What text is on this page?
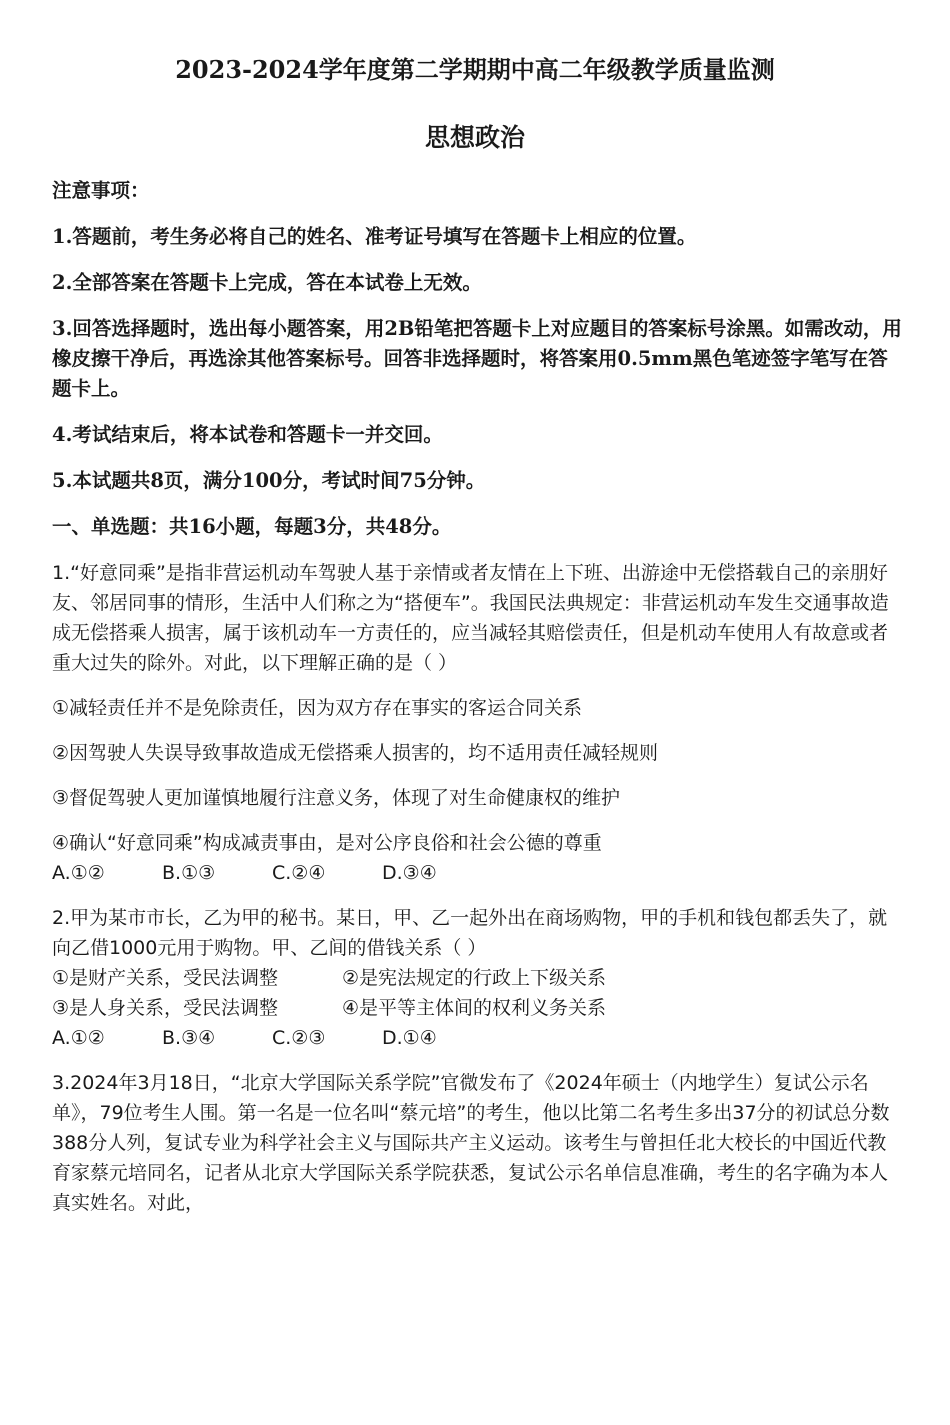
2023-2024学年度第二学期期中高二年级教学质量监测
思想政治

注意事项：

1.答题前，考生务必将自己的姓名、准考证号填写在答题卡上相应的位置。

2.全部答案在答题卡上完成，答在本试卷上无效。

3.回答选择题时，选出每小题答案，用2B铅笔把答题卡上对应题目的答案标号涂黑。如需改动，用橡皮擦干净后，再选涂其他答案标号。回答非选择题时，将答案用0.5mm黑色笔迹签字笔写在答题卡上。

4.考试结束后，将本试卷和答题卡一并交回。

5.本试题共8页，满分100分，考试时间75分钟。

一、单选题：共16小题，每题3分，共48分。

1.“好意同乘”是指非营运机动车驾驶人基于亲情或者友情在上下班、出游途中无偿搭载自己的亲朋好友、邻居同事的情形，生活中人们称之为“搭便车”。我国民法典规定：非营运机动车发生交通事故造成无偿搭乘人损害，属于该机动车一方责任的，应当减轻其赔偿责任，但是机动车使用人有故意或者重大过失的除外。对此，以下理解正确的是（ ）

①减轻责任并不是免除责任，因为双方存在事实的客运合同关系

②因驾驶人失误导致事故造成无偿搭乘人损害的，均不适用责任减轻规则

③督促驾驶人更加谨慎地履行注意义务，体现了对生命健康权的维护

④确认“好意同乘”构成减责事由，是对公序良俗和社会公德的尊重

A.①②	B.①③	C.②④	D.③④

2.甲为某市市长，乙为甲的秘书。某日，甲、乙一起外出在商场购物，甲的手机和钱包都丢失了，就向乙借1000元用于购物。甲、乙间的借钱关系（ ）

①是财产关系，受民法调整	②是宪法规定的行政上下级关系
③是人身关系，受民法调整	④是平等主体间的权利义务关系
A.①②	B.③④	C.②③	D.①④

3.2024年3月18日，“北京大学国际关系学院”官微发布了《2024年硕士（内地学生）复试公示名单》，79位考生人围。第一名是一位名叫“蔡元培”的考生，他以比第二名考生多出37分的初试总分数388分人列，复试专业为科学社会主义与国际共产主义运动。该考生与曾担任北大校长的中国近代教育家蔡元培同名，记者从北京大学国际关系学院获悉，复试公示名单信息准确，考生的名字确为本人真实姓名。对此，
